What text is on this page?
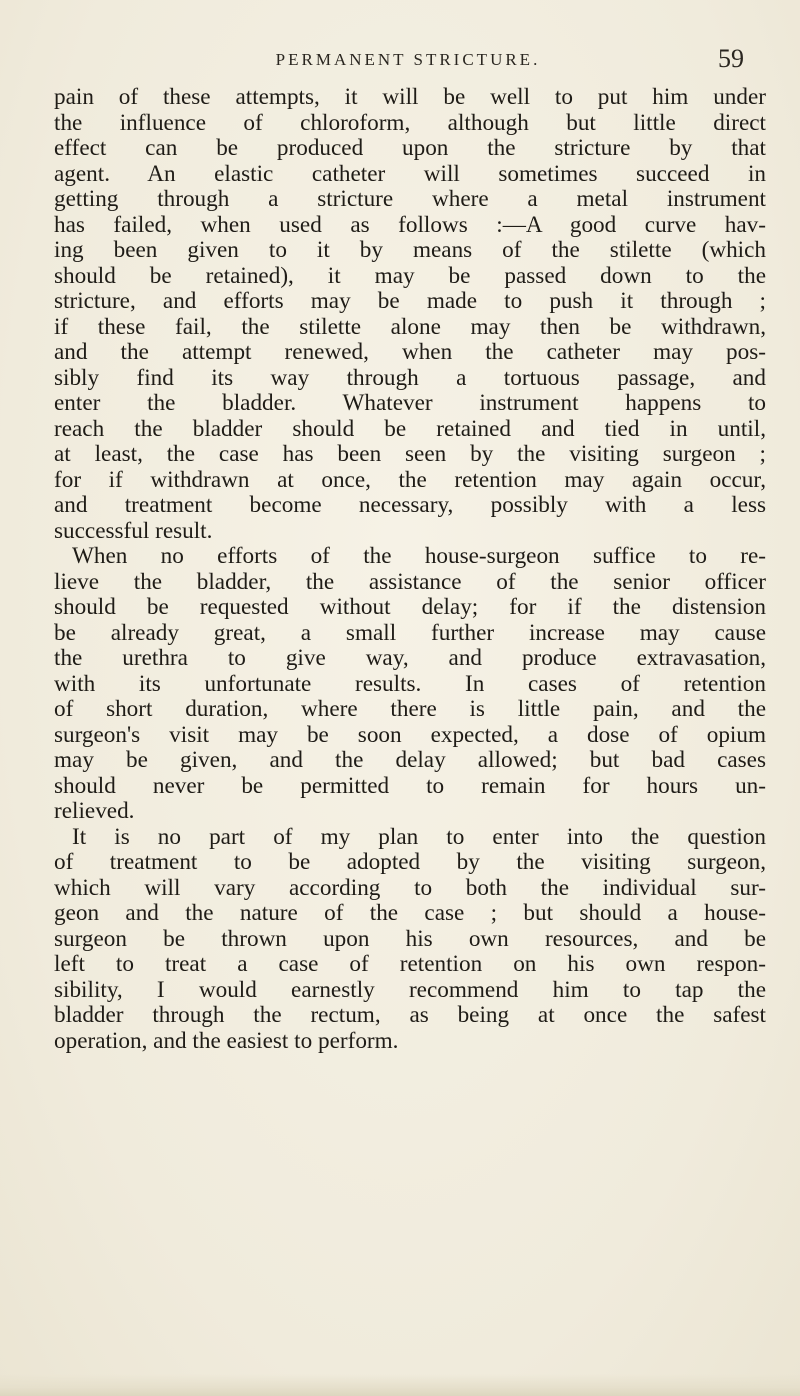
PERMANENT STRICTURE.	59
pain of these attempts, it will be well to put him under
the influence of chloroform, although but little direct
effect can be produced upon the stricture by that
agent. An elastic catheter will sometimes succeed in
getting through a stricture where a metal instrument
has failed, when used as follows :—A good curve hav-
ing been given to it by means of the stilette (which
should be retained), it may be passed down to the
stricture, and efforts may be made to push it through ;
if these fail, the stilette alone may then be withdrawn,
and the attempt renewed, when the catheter may pos-
sibly find its way through a tortuous passage, and
enter the bladder. Whatever instrument happens to
reach the bladder should be retained and tied in until,
at least, the case has been seen by the visiting surgeon ;
for if withdrawn at once, the retention may again occur,
and treatment become necessary, possibly with a less
successful result.
When no efforts of the house-surgeon suffice to re-
lieve the bladder, the assistance of the senior officer
should be requested without delay; for if the distension
be already great, a small further increase may cause
the urethra to give way, and produce extravasation,
with its unfortunate results. In cases of retention
of short duration, where there is little pain, and the
surgeon's visit may be soon expected, a dose of opium
may be given, and the delay allowed; but bad cases
should never be permitted to remain for hours un-
relieved.
It is no part of my plan to enter into the question
of treatment to be adopted by the visiting surgeon,
which will vary according to both the individual sur-
geon and the nature of the case ; but should a house-
surgeon be thrown upon his own resources, and be
left to treat a case of retention on his own respon-
sibility, I would earnestly recommend him to tap the
bladder through the rectum, as being at once the safest
operation, and the easiest to perform.
